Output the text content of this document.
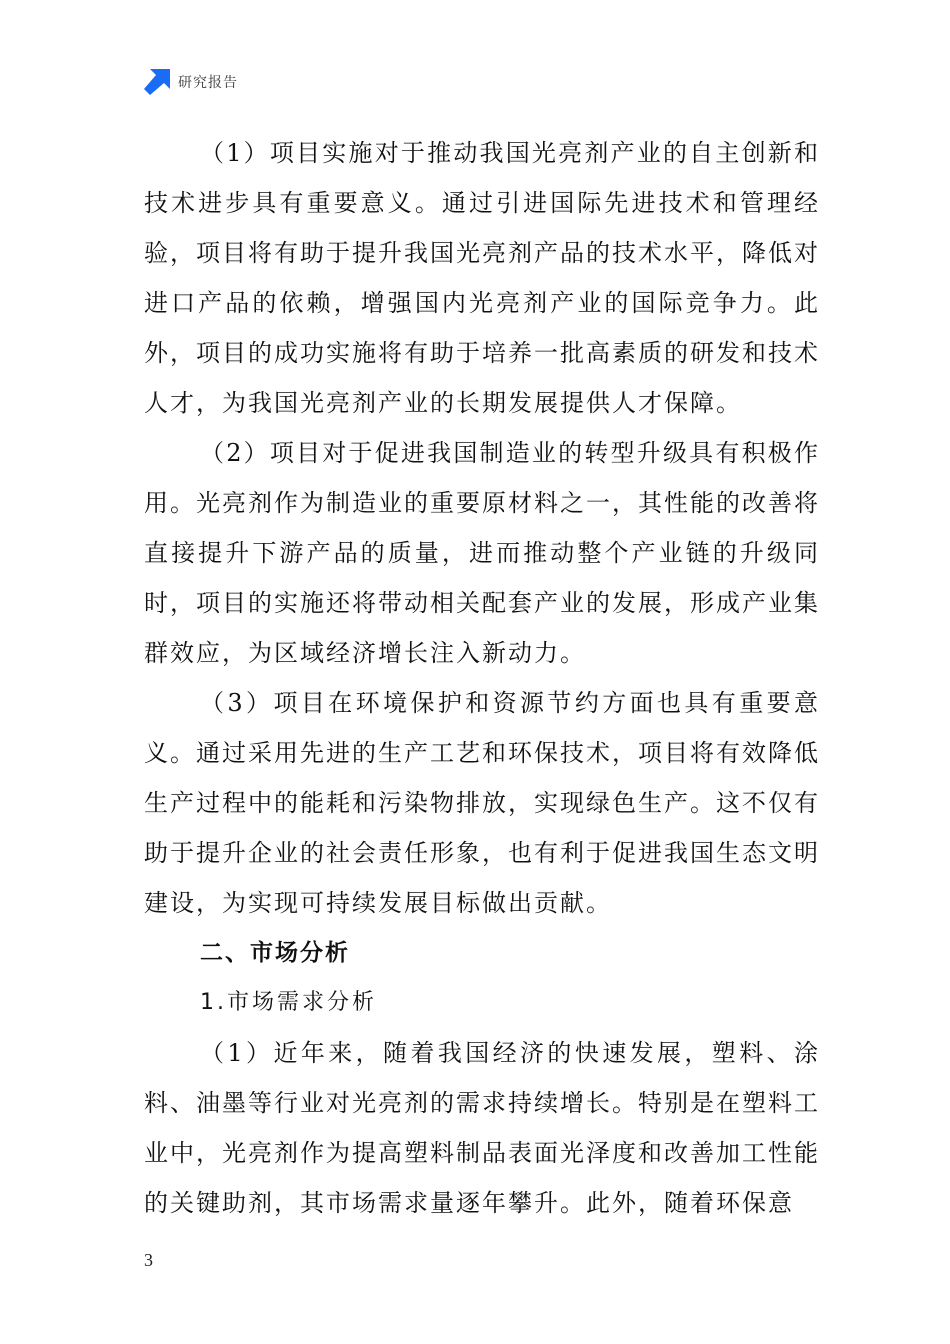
研究报告

（1）项目实施对于推动我国光亮剂产业的自主创新和技术进步具有重要意义。通过引进国际先进技术和管理经验，项目将有助于提升我国光亮剂产品的技术水平，降低对进口产品的依赖，增强国内光亮剂产业的国际竞争力。此外，项目的成功实施将有助于培养一批高素质的研发和技术人才，为我国光亮剂产业的长期发展提供人才保障。

（2）项目对于促进我国制造业的转型升级具有积极作用。光亮剂作为制造业的重要原材料之一，其性能的改善将直接提升下游产品的质量，进而推动整个产业链的升级同时，项目的实施还将带动相关配套产业的发展，形成产业集群效应，为区域经济增长注入新动力。

（3）项目在环境保护和资源节约方面也具有重要意义。通过采用先进的生产工艺和环保技术，项目将有效降低生产过程中的能耗和污染物排放，实现绿色生产。这不仅有助于提升企业的社会责任形象，也有利于促进我国生态文明建设，为实现可持续发展目标做出贡献。

二、市场分析

1.市场需求分析

（1）近年来，随着我国经济的快速发展，塑料、涂料、油墨等行业对光亮剂的需求持续增长。特别是在塑料工业中，光亮剂作为提高塑料制品表面光泽度和改善加工性能的关键助剂，其市场需求量逐年攀升。此外，随着环保意

3
